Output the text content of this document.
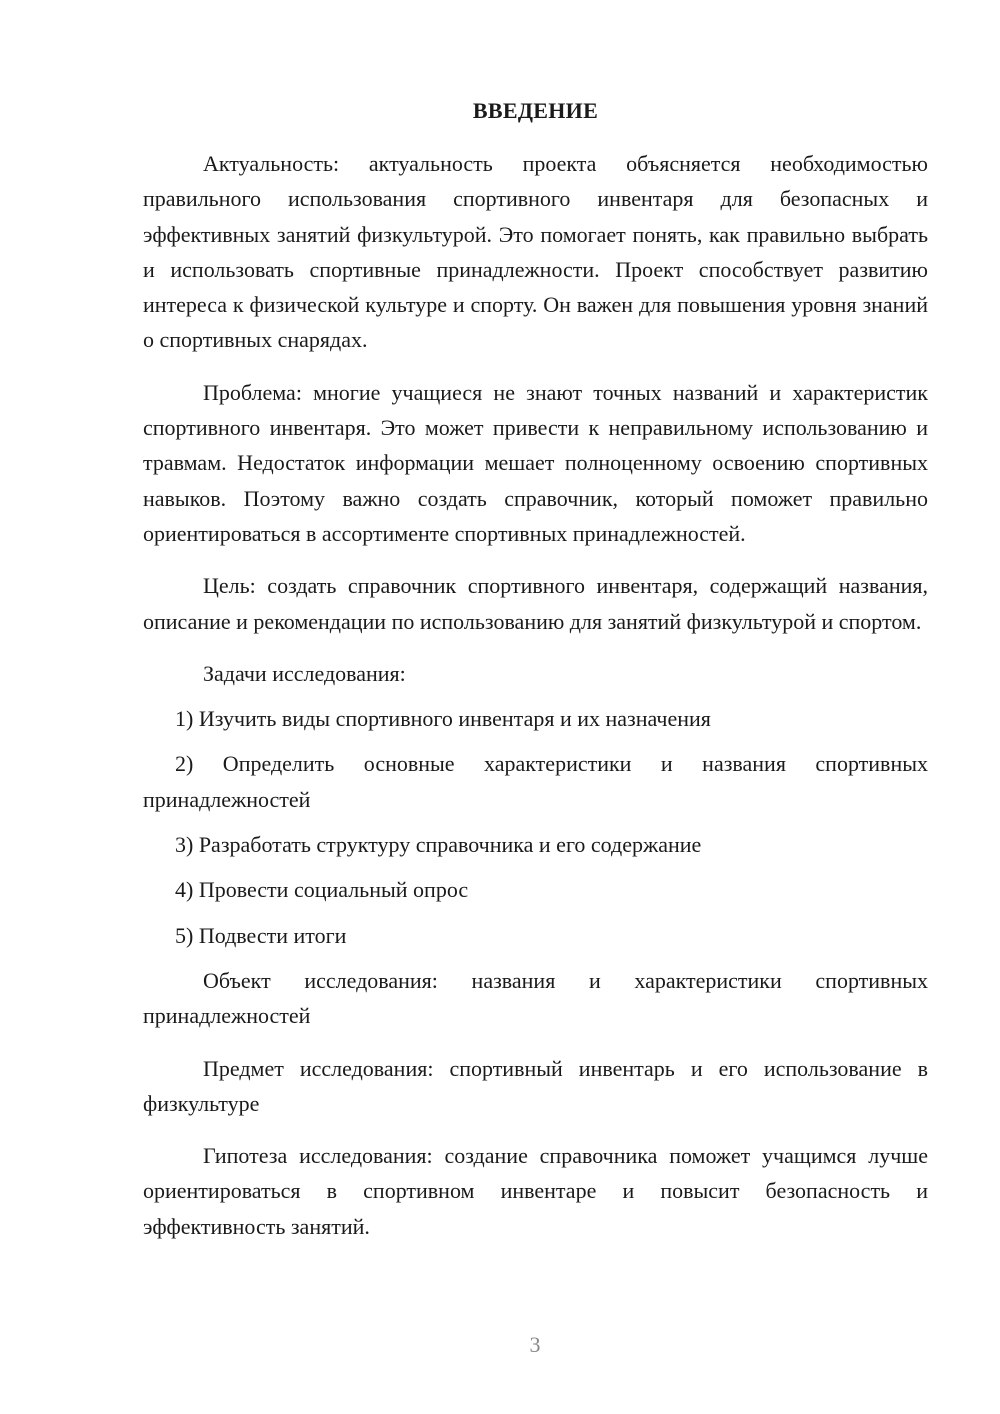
ВВЕДЕНИЕ

Актуальность: актуальность проекта объясняется необходимостью правильного использования спортивного инвентаря для безопасных и эффективных занятий физкультурой. Это помогает понять, как правильно выбрать и использовать спортивные принадлежности. Проект способствует развитию интереса к физической культуре и спорту. Он важен для повышения уровня знаний о спортивных снарядах.

Проблема: многие учащиеся не знают точных названий и характеристик спортивного инвентаря. Это может привести к неправильному использованию и травмам. Недостаток информации мешает полноценному освоению спортивных навыков. Поэтому важно создать справочник, который поможет правильно ориентироваться в ассортименте спортивных принадлежностей.

Цель: создать справочник спортивного инвентаря, содержащий названия, описание и рекомендации по использованию для занятий физкультурой и спортом.

Задачи исследования:

1) Изучить виды спортивного инвентаря и их назначения

2) Определить основные характеристики и названия спортивных принадлежностей

3) Разработать структуру справочника и его содержание

4) Провести социальный опрос

5) Подвести итоги

Объект исследования: названия и характеристики спортивных принадлежностей

Предмет исследования: спортивный инвентарь и его использование в физкультуре

Гипотеза исследования: создание справочника поможет учащимся лучше ориентироваться в спортивном инвентаре и повысит безопасность и эффективность занятий.

3
